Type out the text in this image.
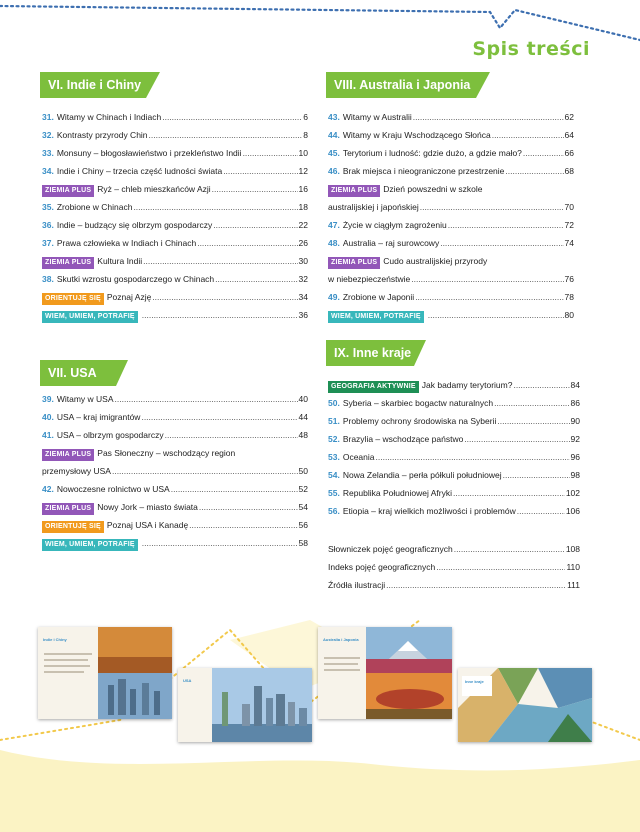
Spis treści
VI. Indie i Chiny
31. Witamy w Chinach i Indiach .....	6
32. Kontrasty przyrody Chin .....	8
33. Monsuny – błogosławieństwo i przekleństwo Indii .....	10
34. Indie i Chiny – trzecia część ludności świata .....	12
ZIEMIA PLUS Ryż – chleb mieszkańców Azji .....	16
35. Zrobione w Chinach .....	18
36. Indie – budzący się olbrzym gospodarczy .....	22
37. Prawa człowieka w Indiach i Chinach .....	26
ZIEMIA PLUS Kultura Indii .....	30
38. Skutki wzrostu gospodarczego w Chinach .....	32
ORIENTUJĘ SIĘ Poznaj Azję .....	34
WIEM, UMIEM, POTRAFIĘ .....	36
VII. USA
39. Witamy w USA .....	40
40. USA – kraj imigrantów .....	44
41. USA – olbrzym gospodarczy .....	48
ZIEMIA PLUS Pas Słoneczny – wschodzący region
przemysłowy USA .....	50
42. Nowoczesne rolnictwo w USA .....	52
ZIEMIA PLUS Nowy Jork – miasto świata .....	54
ORIENTUJĘ SIĘ Poznaj USA i Kanadę .....	56
WIEM, UMIEM, POTRAFIĘ .....	58
VIII. Australia i Japonia
43. Witamy w Australii .....	62
44. Witamy w Kraju Wschodzącego Słońca .....	64
45. Terytorium i ludność: gdzie dużo, a gdzie mało? .....	66
46. Brak miejsca i nieograniczone przestrzenie .....	68
ZIEMIA PLUS Dzień powszedni w szkole
australijskiej i japońskiej .....	70
47. Życie w ciągłym zagrożeniu .....	72
48. Australia – raj surowcowy .....	74
ZIEMIA PLUS Cudo australijskiej przyrody
w niebezpieczeństwie .....	76
49. Zrobione w Japonii .....	78
WIEM, UMIEM, POTRAFIĘ .....	80
IX. Inne kraje
GEOGRAFIA AKTYWNIE Jak badamy terytorium? .....	84
50. Syberia – skarbiec bogactw naturalnych .....	86
51. Problemy ochrony środowiska na Syberii .....	90
52. Brazylia – wschodzące państwo .....	92
53. Oceania .....	96
54. Nowa Zelandia – perła półkuli południowej .....	98
55. Republika Południowej Afryki .....	102
56. Etiopia – kraj wielkich możliwości i problemów .....	106
Słowniczek pojęć geograficznych .....	108
Indeks pojęć geograficznych .....	110
Źródła ilustracji .....	111
Indie i Chiny
USA
Australia i Japonia
Inne kraje
